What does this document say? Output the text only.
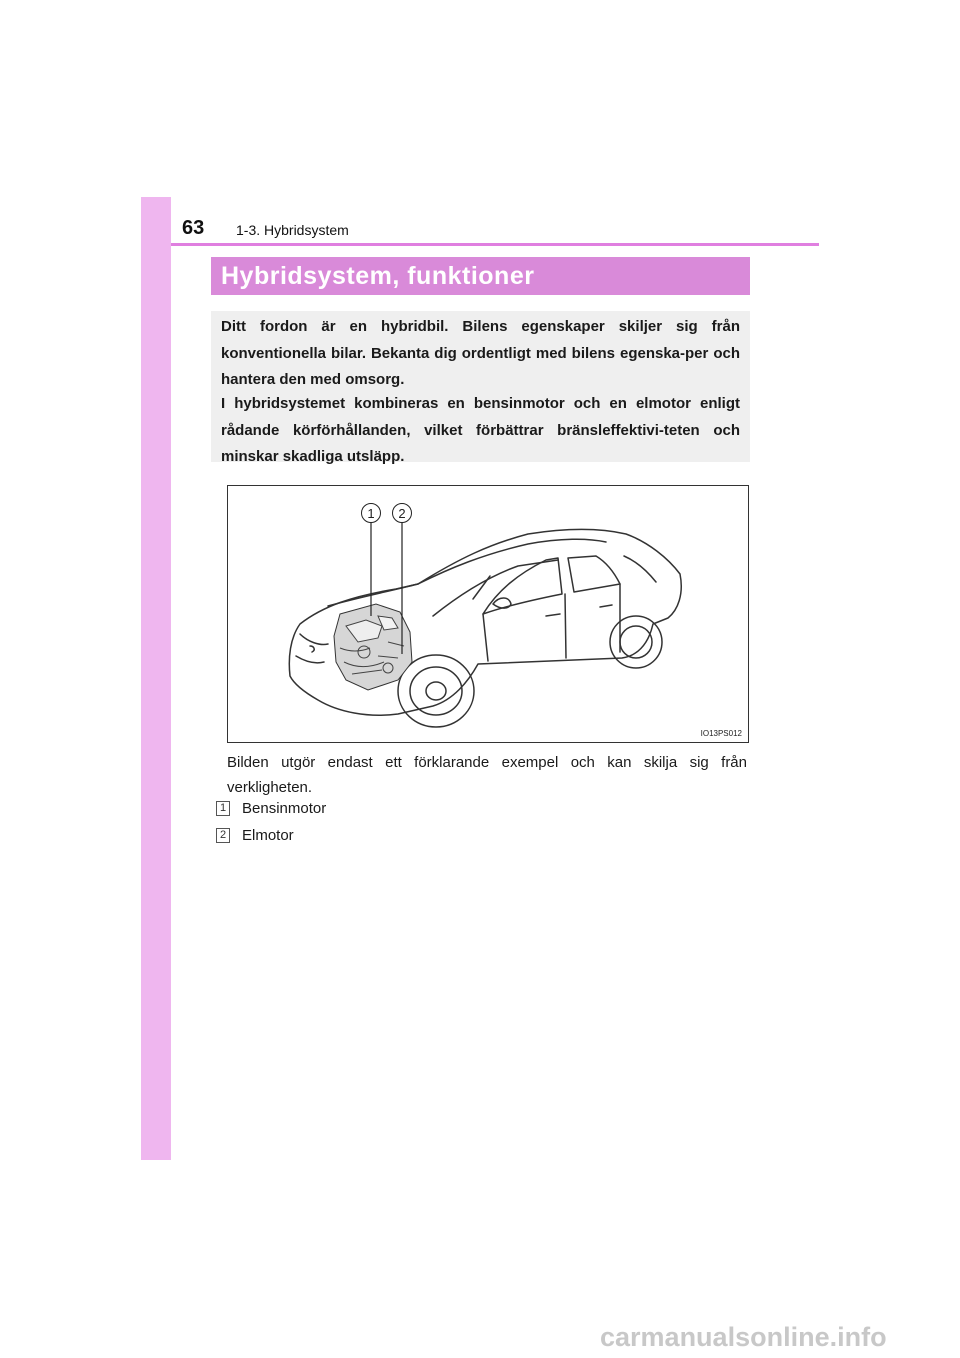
63 1-3. Hybridsystem
Hybridsystem, funktioner

Ditt fordon är en hybridbil. Bilens egenskaper skiljer sig från konventionella bilar. Bekanta dig ordentligt med bilens egenska-per och hantera den med omsorg.

I hybridsystemet kombineras en bensinmotor och en elmotor enligt rådande körförhållanden, vilket förbättrar bränsleffektivi-teten och minskar skadliga utsläpp.

1 2
IO13PS012

Bilden utgör endast ett förklarande exempel och kan skilja sig från verkligheten.

1 Bensinmotor
2 Elmotor
carmanualsonline.info
